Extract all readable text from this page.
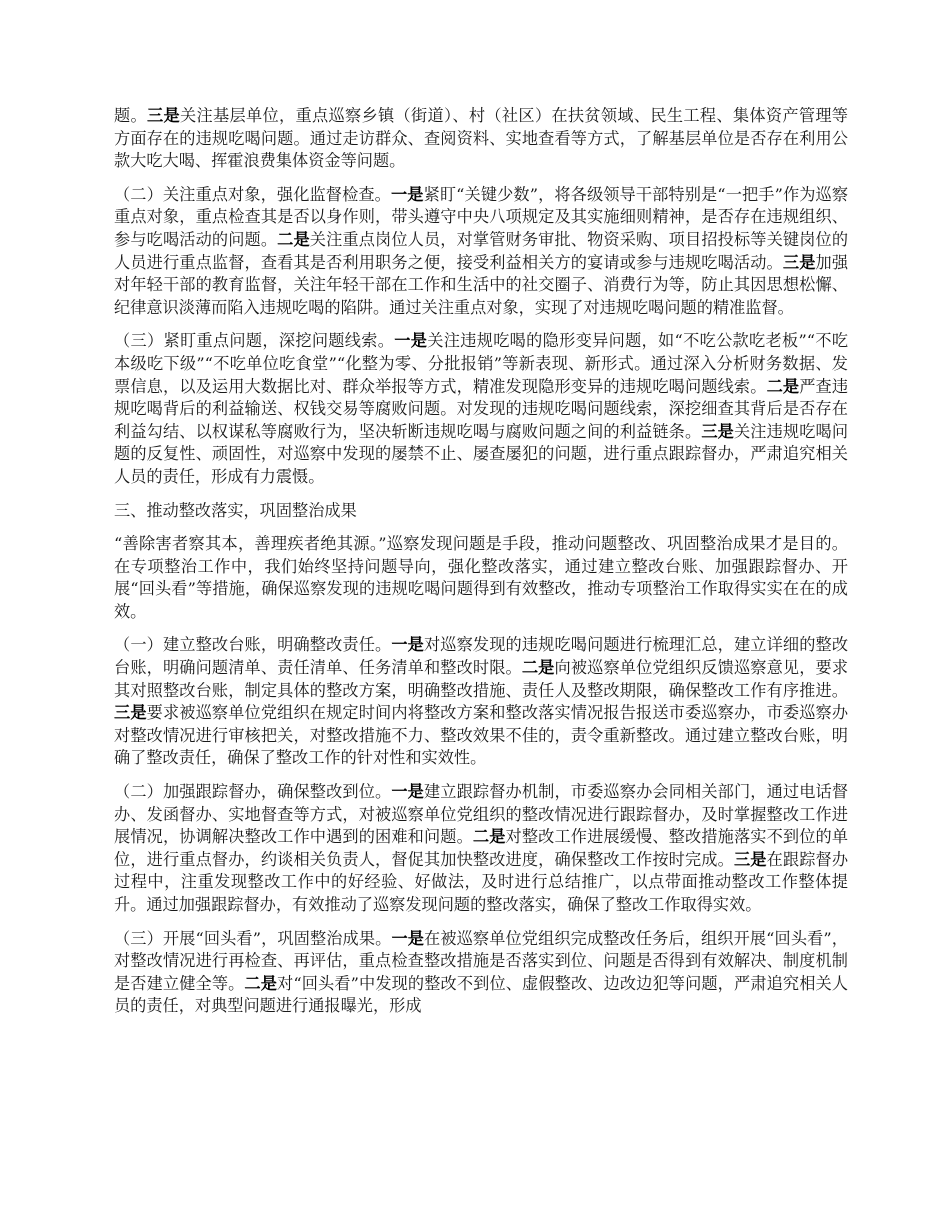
题。三是关注基层单位，重点巡察乡镇（街道）、村（社区）在扶贫领域、民生工程、集体资产管理等方面存在的违规吃喝问题。通过走访群众、查阅资料、实地查看等方式，了解基层单位是否存在利用公款大吃大喝、挥霍浪费集体资金等问题。

（二）关注重点对象，强化监督检查。一是紧盯“关键少数”，将各级领导干部特别是“一把手”作为巡察重点对象，重点检查其是否以身作则，带头遵守中央八项规定及其实施细则精神，是否存在违规组织、参与吃喝活动的问题。二是关注重点岗位人员，对掌管财务审批、物资采购、项目招投标等关键岗位的人员进行重点监督，查看其是否利用职务之便，接受利益相关方的宴请或参与违规吃喝活动。三是加强对年轻干部的教育监督，关注年轻干部在工作和生活中的社交圈子、消费行为等，防止其因思想松懈、纪律意识淡薄而陷入违规吃喝的陷阱。通过关注重点对象，实现了对违规吃喝问题的精准监督。

（三）紧盯重点问题，深挖问题线索。一是关注违规吃喝的隐形变异问题，如“不吃公款吃老板”“不吃本级吃下级”“不吃单位吃食堂”“化整为零、分批报销”等新表现、新形式。通过深入分析财务数据、发票信息，以及运用大数据比对、群众举报等方式，精准发现隐形变异的违规吃喝问题线索。二是严查违规吃喝背后的利益输送、权钱交易等腐败问题。对发现的违规吃喝问题线索，深挖细查其背后是否存在利益勾结、以权谋私等腐败行为，坚决斩断违规吃喝与腐败问题之间的利益链条。三是关注违规吃喝问题的反复性、顽固性，对巡察中发现的屡禁不止、屡查屡犯的问题，进行重点跟踪督办，严肃追究相关人员的责任，形成有力震慑。

三、推动整改落实，巩固整治成果

“善除害者察其本，善理疾者绝其源。”巡察发现问题是手段，推动问题整改、巩固整治成果才是目的。在专项整治工作中，我们始终坚持问题导向，强化整改落实，通过建立整改台账、加强跟踪督办、开展“回头看”等措施，确保巡察发现的违规吃喝问题得到有效整改，推动专项整治工作取得实实在在的成效。

（一）建立整改台账，明确整改责任。一是对巡察发现的违规吃喝问题进行梳理汇总，建立详细的整改台账，明确问题清单、责任清单、任务清单和整改时限。二是向被巡察单位党组织反馈巡察意见，要求其对照整改台账，制定具体的整改方案，明确整改措施、责任人及整改期限，确保整改工作有序推进。三是要求被巡察单位党组织在规定时间内将整改方案和整改落实情况报告报送市委巡察办，市委巡察办对整改情况进行审核把关，对整改措施不力、整改效果不佳的，责令重新整改。通过建立整改台账，明确了整改责任，确保了整改工作的针对性和实效性。

（二）加强跟踪督办，确保整改到位。一是建立跟踪督办机制，市委巡察办会同相关部门，通过电话督办、发函督办、实地督查等方式，对被巡察单位党组织的整改情况进行跟踪督办，及时掌握整改工作进展情况，协调解决整改工作中遇到的困难和问题。二是对整改工作进展缓慢、整改措施落实不到位的单位，进行重点督办，约谈相关负责人，督促其加快整改进度，确保整改工作按时完成。三是在跟踪督办过程中，注重发现整改工作中的好经验、好做法，及时进行总结推广，以点带面推动整改工作整体提升。通过加强跟踪督办，有效推动了巡察发现问题的整改落实，确保了整改工作取得实效。

（三）开展“回头看”，巩固整治成果。一是在被巡察单位党组织完成整改任务后，组织开展“回头看”，对整改情况进行再检查、再评估，重点检查整改措施是否落实到位、问题是否得到有效解决、制度机制是否建立健全等。二是对“回头看”中发现的整改不到位、虚假整改、边改边犯等问题，严肃追究相关人员的责任，对典型问题进行通报曝光，形成
